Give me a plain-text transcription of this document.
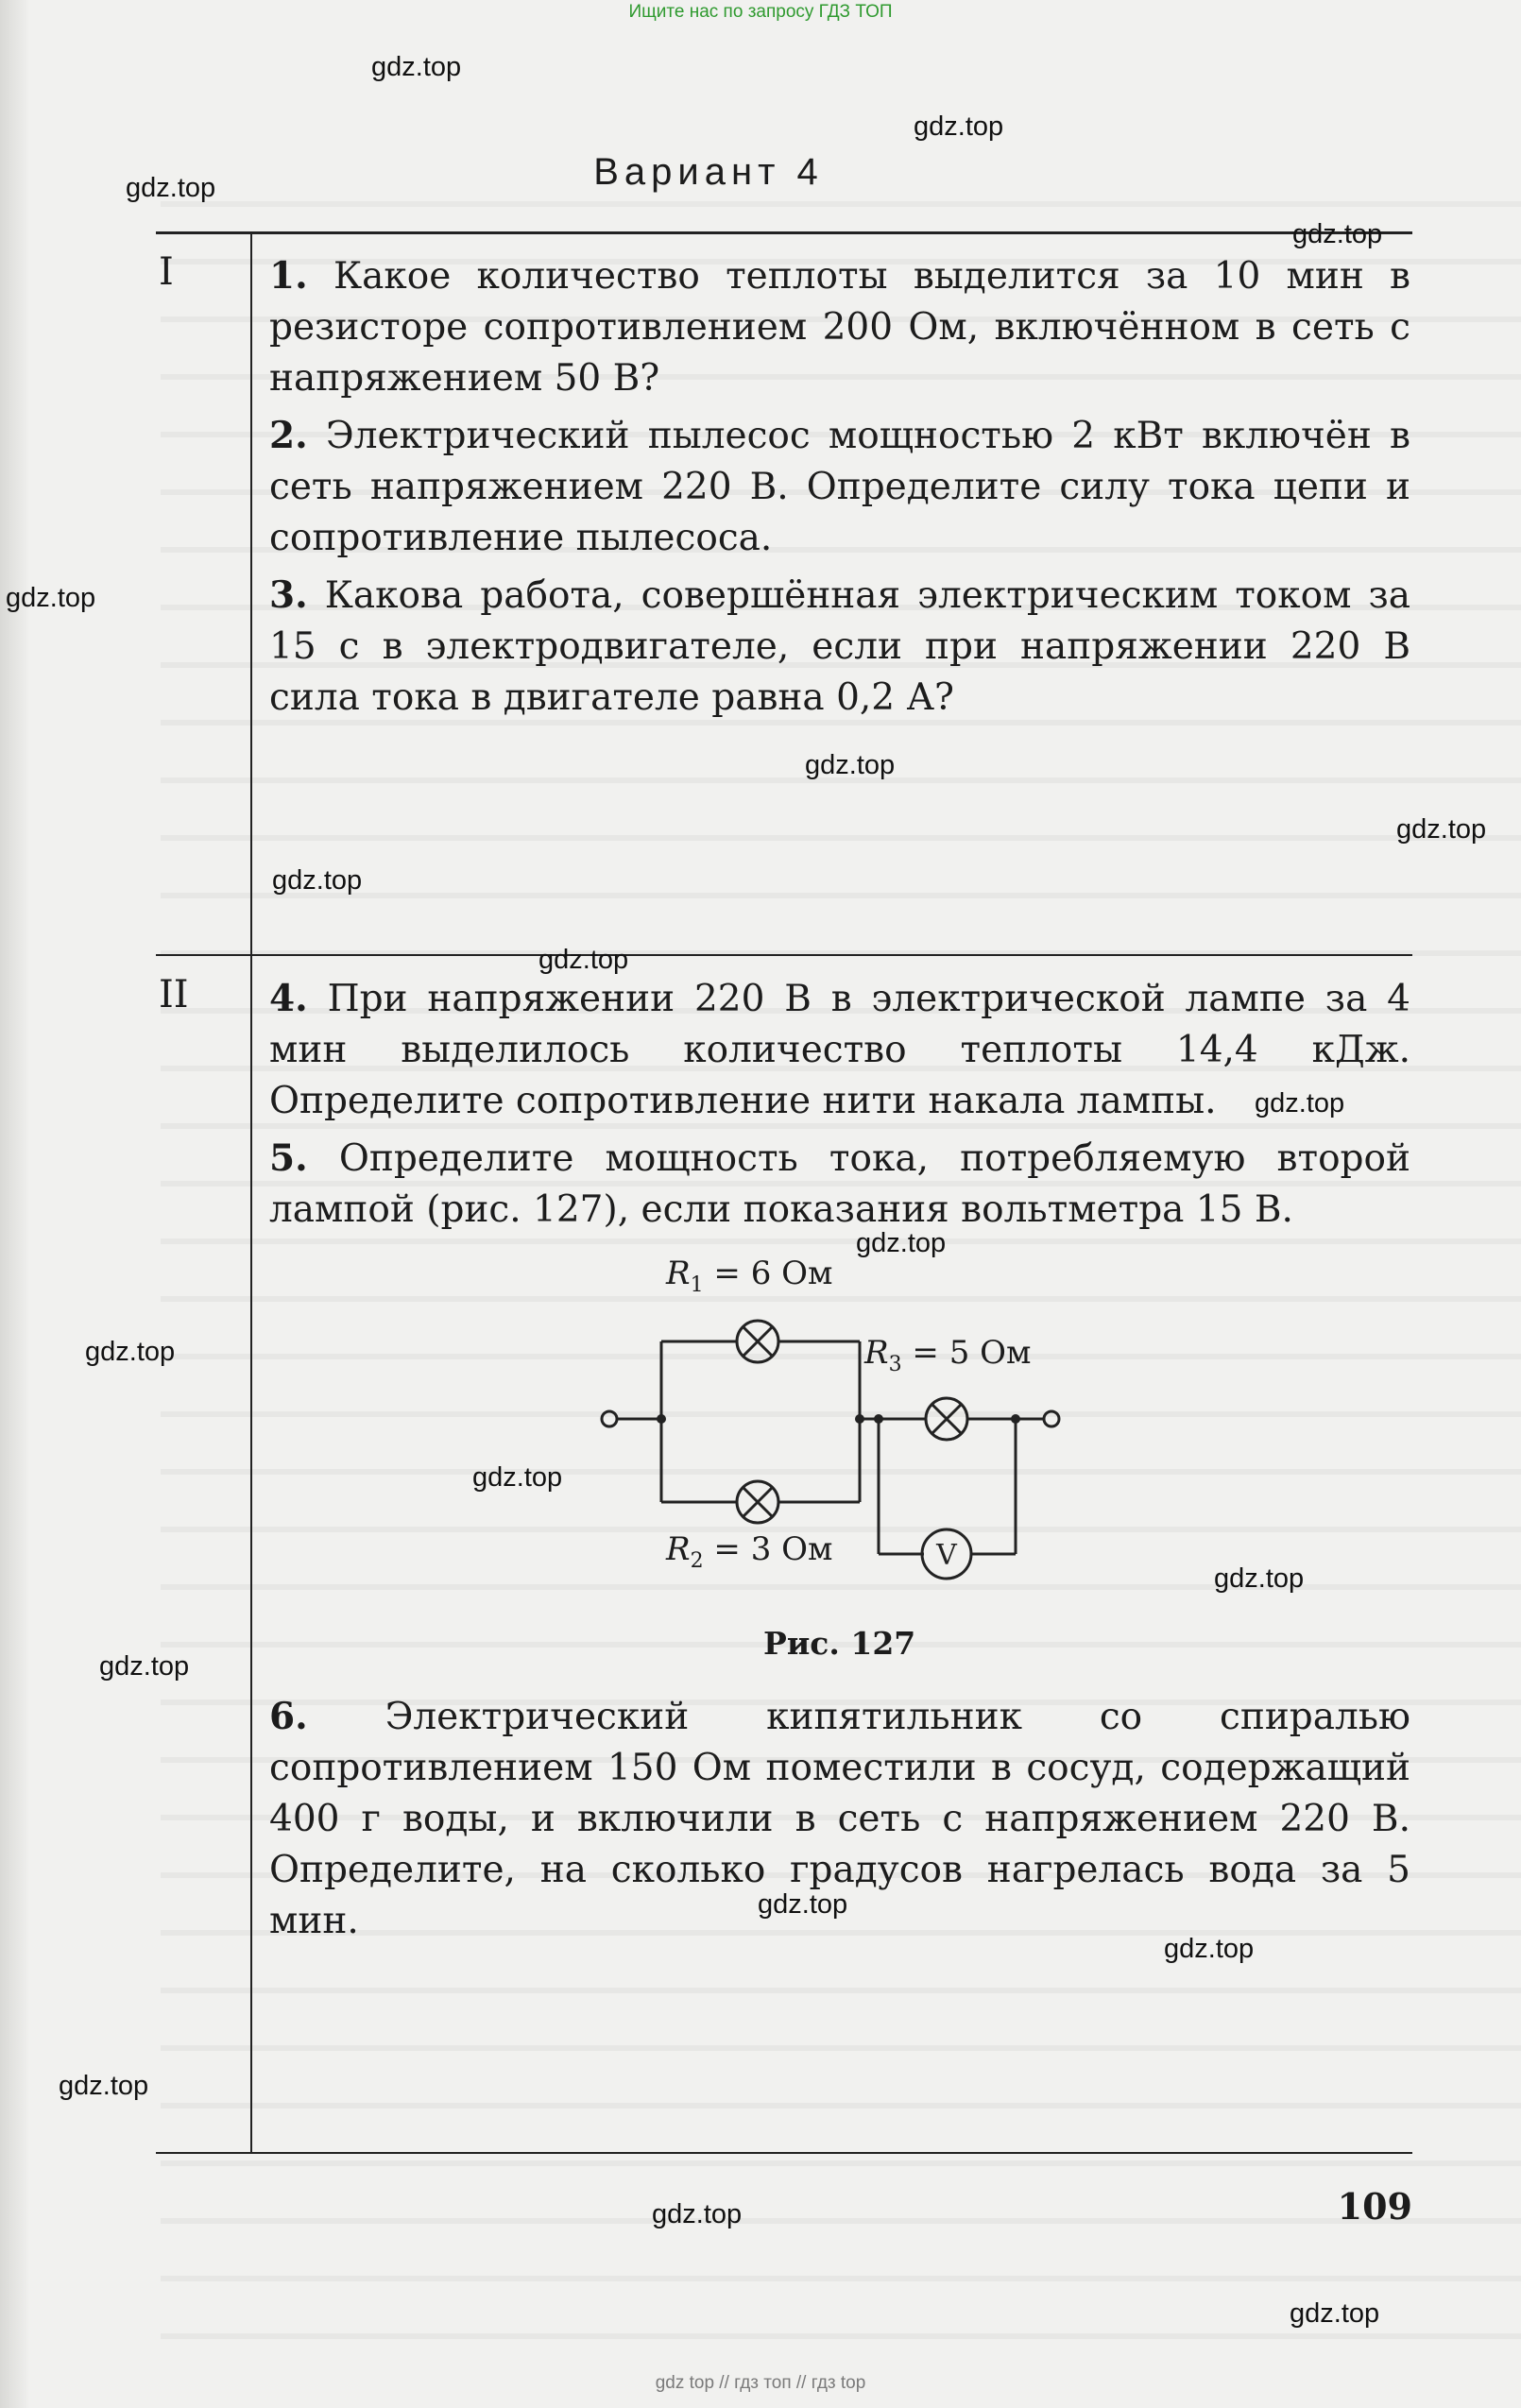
Ищите нас по запросу ГДЗ ТОП
Вариант 4
I	1. Какое количество теплоты выделится за 10 мин в резисторе сопротивлением 200 Ом, включённом в сеть с напряжением 50 В?

2. Электрический пылесос мощностью 2 кВт включён в сеть напряжением 220 В. Определите силу тока цепи и сопротивление пылесоса.

3. Какова работа, совершённая электрическим током за 15 с в электродвигателе, если при напряжении 220 В сила тока в двигателе равна 0,2 А?

II 4. При напряжении 220 В в электрической лампе за 4 мин выделилось количество теплоты 14,4 кДж. Определите сопротивление нити накала лампы.

5. Определите мощность тока, потребляемую второй лампой (рис. 127), если показания вольтметра 15 В.

V
$R_1 = 6$ Ом
$R_3 = 5$ Ом
$R_2 = 3$ Ом
Рис. 127

6. Электрический кипятильник со спиралью сопротивлением 150 Ом поместили в сосуд, содержащий 400 г воды, и включили в сеть с напряжением 220 В. Определите, на сколько градусов нагрелась вода за 5 мин.

109
gdz.top
gdz.top
gdz.top
gdz.top
gdz.top
gdz.top
gdz.top
gdz.top
gdz.top
gdz.top
gdz.top
gdz.top
gdz.top
gdz.top
gdz.top
gdz.top
gdz.top
gdz.top
gdz.top
gdz.top
gdz top // гдз топ // гдз top
